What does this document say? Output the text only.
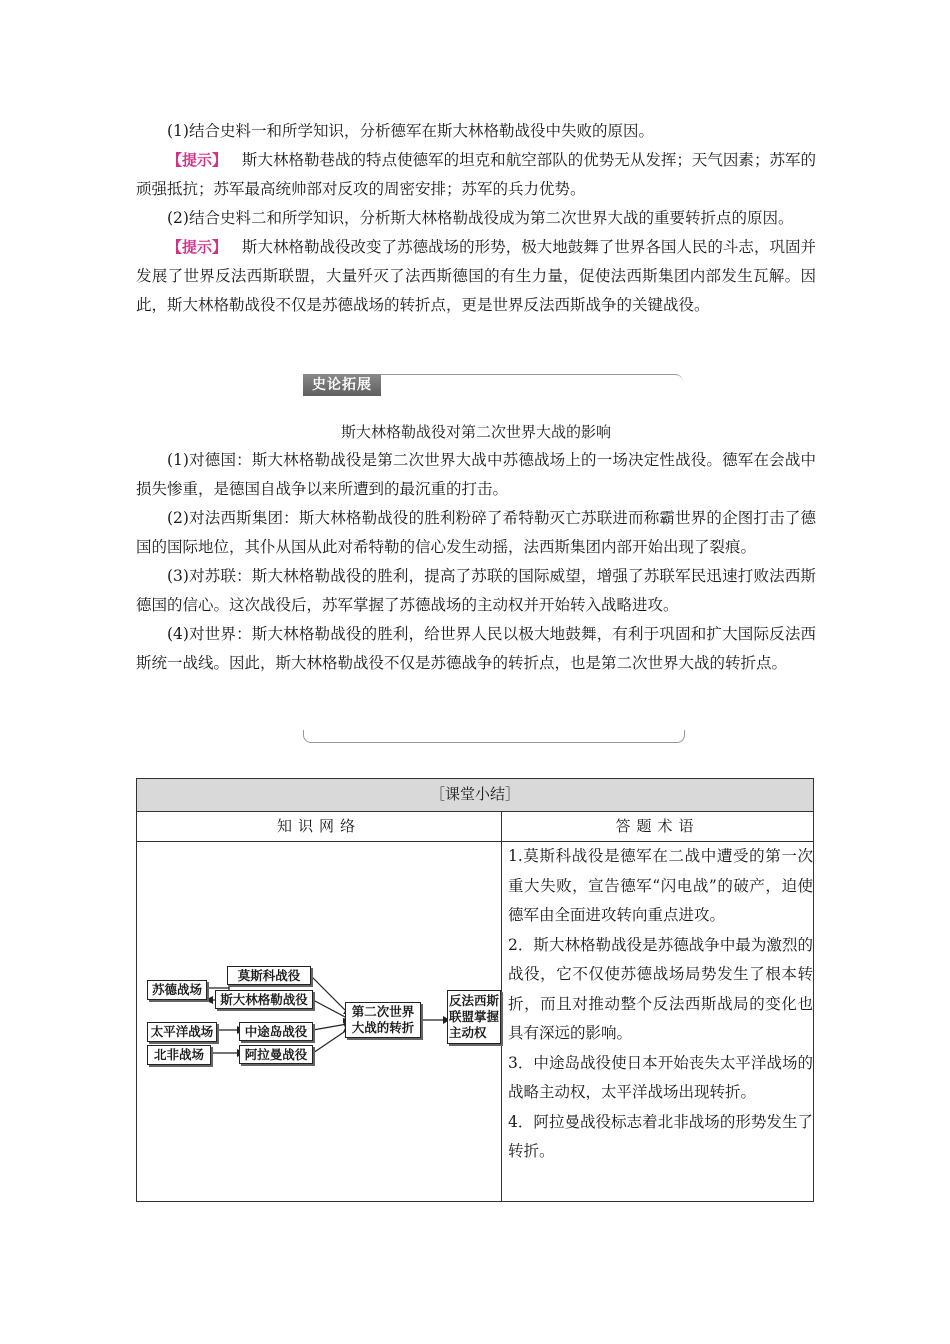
(1)结合史料一和所学知识，分析德军在斯大林格勒战役中失败的原因。

【提示】 斯大林格勒巷战的特点使德军的坦克和航空部队的优势无从发挥；天气因素；苏军的顽强抵抗；苏军最高统帅部对反攻的周密安排；苏军的兵力优势。

(2)结合史料二和所学知识，分析斯大林格勒战役成为第二次世界大战的重要转折点的原因。

【提示】 斯大林格勒战役改变了苏德战场的形势，极大地鼓舞了世界各国人民的斗志，巩固并发展了世界反法西斯联盟，大量歼灭了法西斯德国的有生力量，促使法西斯集团内部发生瓦解。因此，斯大林格勒战役不仅是苏德战场的转折点，更是世界反法西斯战争的关键战役。

史论拓展
斯大林格勒战役对第二次世界大战的影响

(1)对德国：斯大林格勒战役是第二次世界大战中苏德战场上的一场决定性战役。德军在会战中损失惨重，是德国自战争以来所遭到的最沉重的打击。

(2)对法西斯集团：斯大林格勒战役的胜利粉碎了希特勒灭亡苏联进而称霸世界的企图打击了德国的国际地位，其仆从国从此对希特勒的信心发生动摇，法西斯集团内部开始出现了裂痕。

(3)对苏联：斯大林格勒战役的胜利，提高了苏联的国际威望，增强了苏联军民迅速打败法西斯德国的信心。这次战役后，苏军掌握了苏德战场的主动权并开始转入战略进攻。

(4)对世界：斯大林格勒战役的胜利，给世界人民以极大地鼓舞，有利于巩固和扩大国际反法西斯统一战线。因此，斯大林格勒战役不仅是苏德战争的转折点，也是第二次世界大战的转折点。

［课堂小结］
知识网络	答题术语
苏德战场
太平洋战场
北非战场
莫斯科战役
斯大林格勒战役
中途岛战役
阿拉曼战役
第二次世界大战的转折
反法西斯联盟掌握主动权

1.莫斯科战役是德军在二战中遭受的第一次重大失败，宣告德军“闪电战”的破产，迫使德军由全面进攻转向重点进攻。

2．斯大林格勒战役是苏德战争中最为激烈的战役，它不仅使苏德战场局势发生了根本转折，而且对推动整个反法西斯战局的变化也具有深远的影响。

3．中途岛战役使日本开始丧失太平洋战场的战略主动权，太平洋战场出现转折。

4．阿拉曼战役标志着北非战场的形势发生了转折。
